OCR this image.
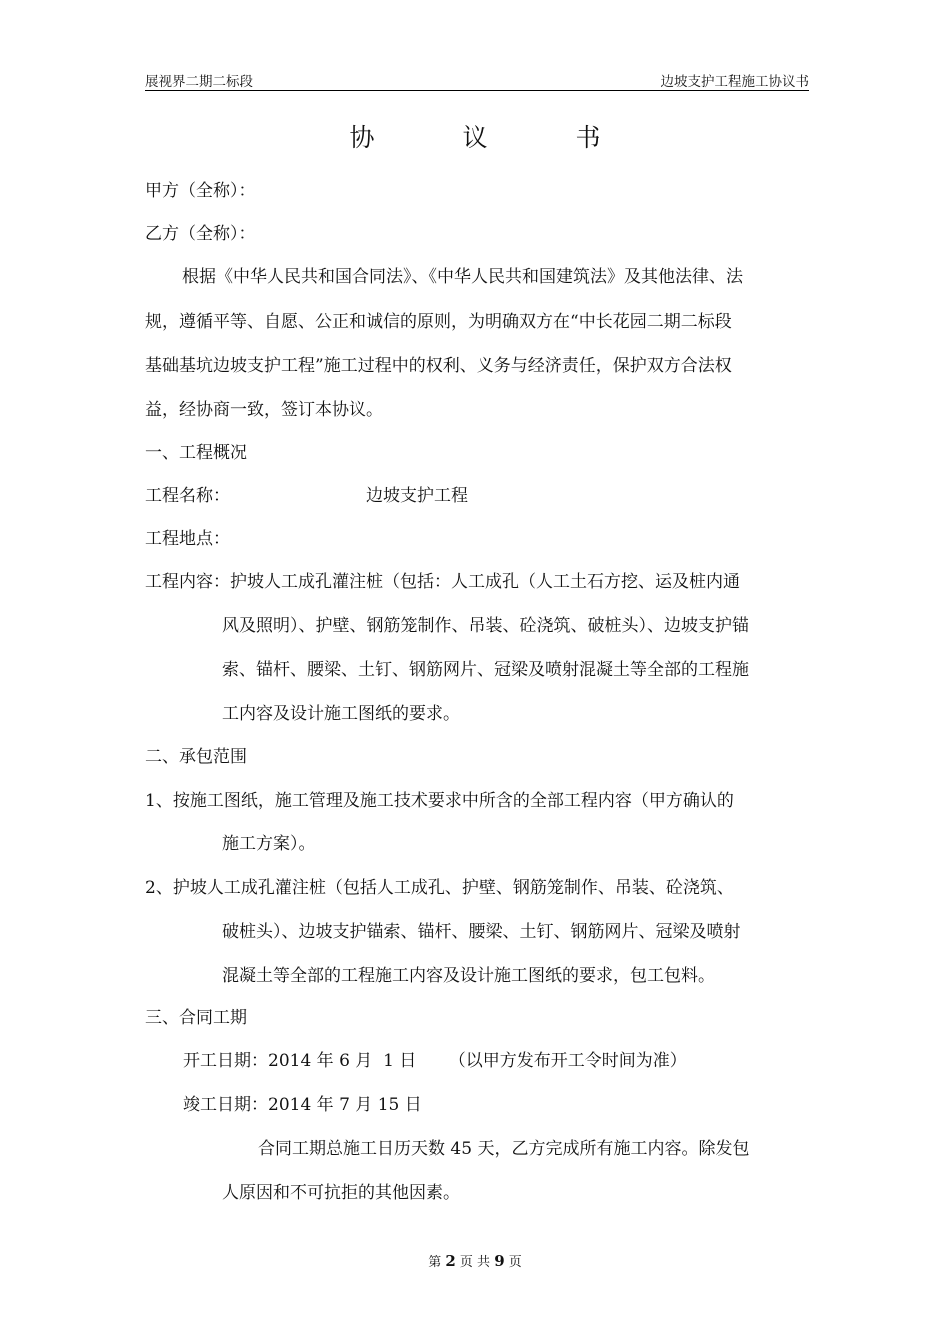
展视界二期二标段	边坡支护工程施工协议书
协 议 书
甲方（全称）：
乙方（全称）：
根据《中华人民共和国合同法》、《中华人民共和国建筑法》及其他法律、法
规，遵循平等、自愿、公正和诚信的原则，为明确双方在“中长花园二期二标段
基础基坑边坡支护工程”施工过程中的权利、义务与经济责任，保护双方合法权
益，经协商一致，签订本协议。
一、工程概况
工程名称：	边坡支护工程
工程地点：
工程内容：护坡人工成孔灌注桩（包括：人工成孔（人工土石方挖、运及桩内通
风及照明）、护壁、钢筋笼制作、吊装、砼浇筑、破桩头）、边坡支护锚
索、锚杆、腰梁、土钉、钢筋网片、冠梁及喷射混凝土等全部的工程施
工内容及设计施工图纸的要求。
二、承包范围
1、按施工图纸，施工管理及施工技术要求中所含的全部工程内容（甲方确认的
施工方案）。
2、护坡人工成孔灌注桩（包括人工成孔、护壁、钢筋笼制作、吊装、砼浇筑、
破桩头）、边坡支护锚索、锚杆、腰梁、土钉、钢筋网片、冠梁及喷射
混凝土等全部的工程施工内容及设计施工图纸的要求，包工包料。
三、合同工期
开工日期：2014 年 6 月  1 日      （以甲方发布开工令时间为准）
竣工日期：2014 年 7 月 15 日
合同工期总施工日历天数 45 天，乙方完成所有施工内容。除发包
人原因和不可抗拒的其他因素。
第 2 页 共 9 页
